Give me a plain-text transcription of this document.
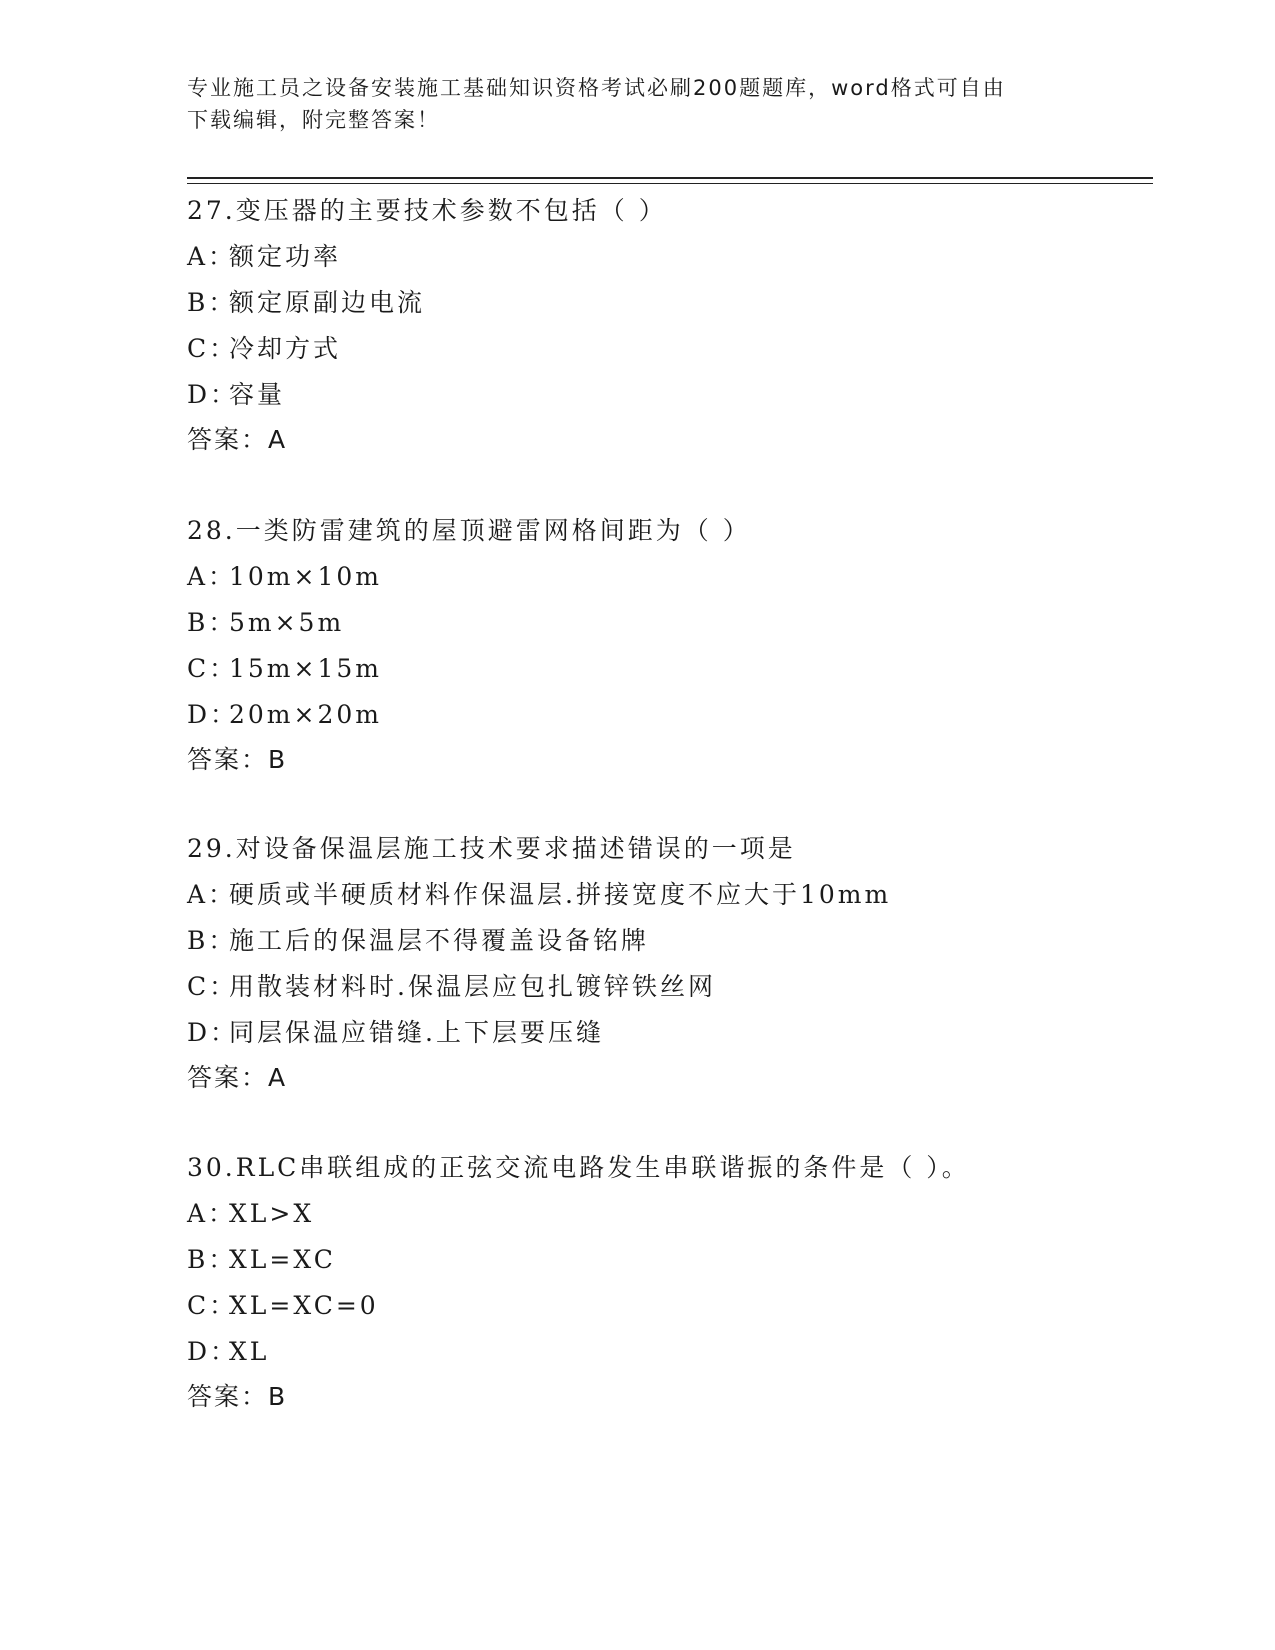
专业施工员之设备安装施工基础知识资格考试必刷200题题库，word格式可自由
下载编辑，附完整答案！
27.变压器的主要技术参数不包括（ ）
A：额定功率
B：额定原副边电流
C：冷却方式
D：容量
答案：A
28.一类防雷建筑的屋顶避雷网格间距为（ ）
A：10m×10m
B：5m×5m
C：15m×15m
D：20m×20m
答案：B
29.对设备保温层施工技术要求描述错误的一项是
A：硬质或半硬质材料作保温层.拼接宽度不应大于10mm
B：施工后的保温层不得覆盖设备铭牌
C：用散装材料时.保温层应包扎镀锌铁丝网
D：同层保温应错缝.上下层要压缝
答案：A
30.RLC串联组成的正弦交流电路发生串联谐振的条件是（ ）。
A：XL>X
B：XL=XC
C：XL=XC=0
D：XL
答案：B
